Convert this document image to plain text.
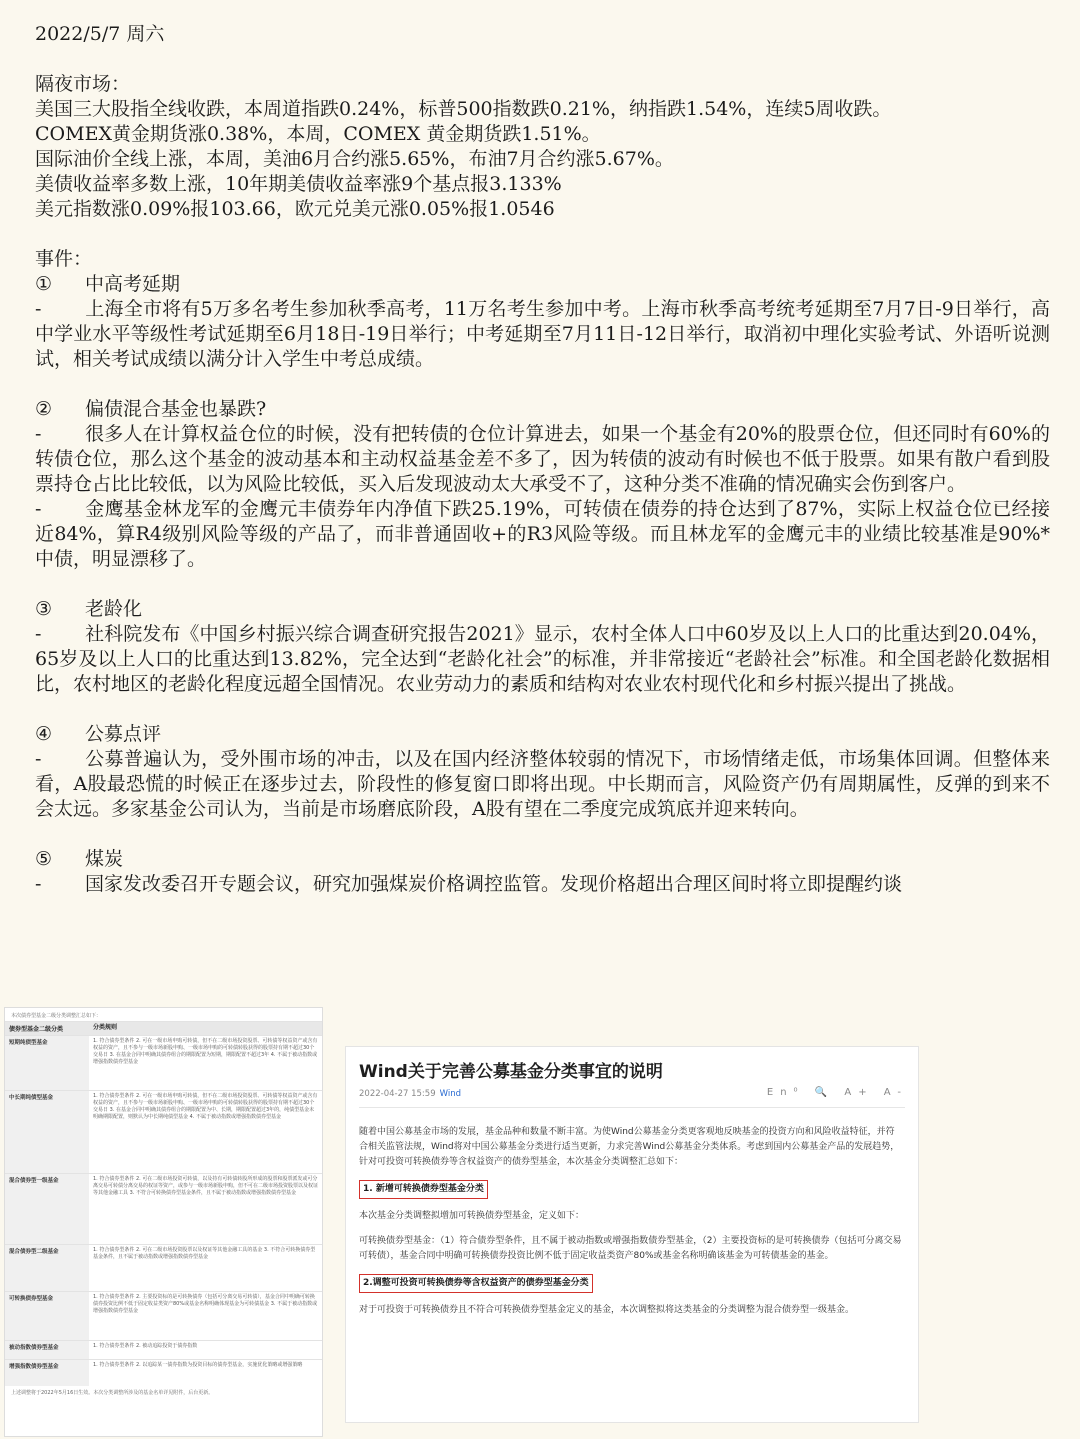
2022/5/7 周六
隔夜市场：
美国三大股指全线收跌，本周道指跌0.24%，标普500指数跌0.21%，纳指跌1.54%，连续5周收跌。
COMEX黄金期货涨0.38%，本周，COMEX 黄金期货跌1.51%。
国际油价全线上涨，本周，美油6月合约涨5.65%，布油7月合约涨5.67%。
美债收益率多数上涨，10年期美债收益率涨9个基点报3.133%
美元指数涨0.09%报103.66，欧元兑美元涨0.05%报1.0546
事件：
① 中高考延期
- 上海全市将有5万多名考生参加秋季高考，11万名考生参加中考。上海市秋季高考统考延期至7月7日-9日举行，高中学业水平等级性考试延期至6月18日-19日举行；中考延期至7月11日-12日举行，取消初中理化实验考试、外语听说测试，相关考试成绩以满分计入学生中考总成绩。
② 偏债混合基金也暴跌?
- 很多人在计算权益仓位的时候，没有把转债的仓位计算进去，如果一个基金有20%的股票仓位，但还同时有60%的转债仓位，那么这个基金的波动基本和主动权益基金差不多了，因为转债的波动有时候也不低于股票。如果有散户看到股票持仓占比比较低，以为风险比较低，买入后发现波动太大承受不了，这种分类不准确的情况确实会伤到客户。
- 金鹰基金林龙军的金鹰元丰债券年内净值下跌25.19%，可转债在债券的持仓达到了87%，实际上权益仓位已经接近84%，算R4级别风险等级的产品了，而非普通固收+的R3风险等级。而且林龙军的金鹰元丰的业绩比较基准是90%*中债，明显漂移了。
③ 老龄化
- 社科院发布《中国乡村振兴综合调查研究报告2021》显示，农村全体人口中60岁及以上人口的比重达到20.04%，65岁及以上人口的比重达到13.82%，完全达到“老龄化社会”的标准，并非常接近“老龄社会”标准。和全国老龄化数据相比，农村地区的老龄化程度远超全国情况。农业劳动力的素质和结构对农业农村现代化和乡村振兴提出了挑战。
④ 公募点评
- 公募普遍认为，受外围市场的冲击，以及在国内经济整体较弱的情况下，市场情绪走低，市场集体回调。但整体来看，A股最恐慌的时候正在逐步过去，阶段性的修复窗口即将出现。中长期而言，风险资产仍有周期属性，反弹的到来不会太远。多家基金公司认为，当前是市场磨底阶段，A股有望在二季度完成筑底并迎来转向。
⑤ 煤炭
- 国家发改委召开专题会议，研究加强煤炭价格调控监管。发现价格超出合理区间时将立即提醒约谈
本次债券型基金二级分类调整汇总如下：
债券型基金二级分类	分类规则
短期纯债型基金	1. 符合债券型条件 2. 可在一级市场申购可转债，但不在二级市场投资股票、可转债等权益资产或含有权益的资产，且不参与一级市场新股申购、一级市场申购的可转债转股获得的股票持有期不超过30个交易日 3. 在基金合同中明确其债券组合的期限配置为短期，期限配置不超过3年 4. 不属于被动指数或增强指数债券型基金
中长期纯债型基金	1. 符合债券型条件 2. 可在一级市场申购可转债，但不在二级市场投资股票、可转债等权益资产或含有权益的资产，且不参与一级市场新股申购、一级市场申购的可转债转股获得的股票持有期不超过30个交易日 3. 在基金合同中明确其债券组合的期限配置为中、长期，期限配置超过3年的，纯债型基金未明确期限配置，则默认为中长期纯债型基金 4. 不属于被动指数或增强指数债券型基金
混合债券型一级基金	1. 符合债券型条件 2. 可在二级市场投资可转债，以及持有可转债转股所形成的股票和股票派发或可分离交易可转债分离交易的权证等资产，或参与一级市场新股申购，但不可在二级市场投资股票以及权证等其他金融工具 3. 不符合可转换债券型基金条件，且不属于被动指数或增强指数债券型基金
混合债券型二级基金	1. 符合债券型条件 2. 可在二级市场投资股票以及权证等其他金融工具的基金 3. 不符合可转换债券型基金条件，且不属于被动指数或增强指数债券型基金
可转换债券型基金	1. 符合债券型条件 2. 主要投资标的是可转换债券（包括可分离交易可转债），基金合同中明确可转换债券投资比例不低于固定收益类资产80%或基金名称明确体现基金为可转债基金 3. 不属于被动指数或增强指数债券型基金
被动指数债券型基金	1. 符合债券型条件 2. 被动追踪投资于债券指数
增强指数债券型基金	1. 符合债券型条件 2. 以追踪某一债券指数为投资目标的债券型基金，实施优化策略或增强策略
上述调整将于2022年5月16日生效。本次分类调整所涉及的基金名单详见附件，后台更新。
Wind关于完善公募基金分类事宜的说明
2022-04-27 15:59 Wind	En⁰ 🔍 A+ A-

随着中国公募基金市场的发展，基金品种和数量不断丰富。为使Wind公募基金分类更客观地反映基金的投资方向和风险收益特征，并符合相关监管法规，Wind将对中国公募基金分类进行适当更新，力求完善Wind公募基金分类体系。考虑到国内公募基金产品的发展趋势，针对可投资可转换债券等含权益资产的债券型基金，本次基金分类调整汇总如下：

1. 新增可转换债券型基金分类

本次基金分类调整拟增加可转换债券型基金，定义如下：

可转换债券型基金：（1）符合债券型条件，且不属于被动指数或增强指数债券型基金，（2）主要投资标的是可转换债券（包括可分离交易可转债），基金合同中明确可转换债券投资比例不低于固定收益类资产80%或基金名称明确该基金为可转债基金的基金。

2.调整可投资可转换债券等含权益资产的债券型基金分类

对于可投资于可转换债券且不符合可转换债券型基金定义的基金，本次调整拟将这类基金的分类调整为混合债券型一级基金。
